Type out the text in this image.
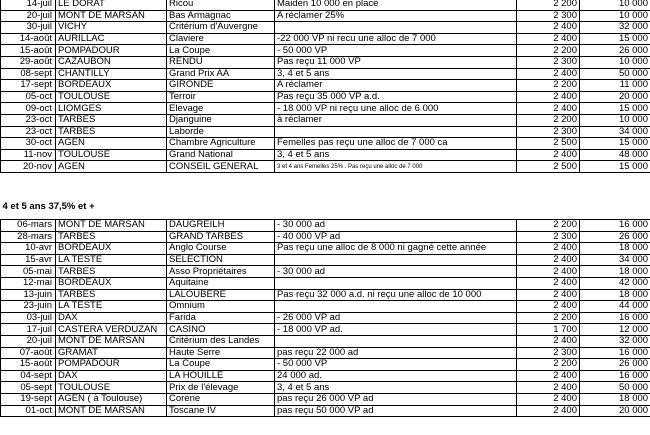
14-juil	LE DORAT	Ricou	Maiden 10 000 en place	2 200	10 000
20-juil	MONT DE MARSAN	Bas Armagnac	A réclamer 25%	2 300	10 000
30-juil	VICHY	Critérium d'Auvergne		2 400	32 000
14-août	AURILLAC	Claviere	-22 000 VP ni recu une alloc de 7 000	2 400	15 000
15-août	POMPADOUR	La Coupe	- 50 000 VP	2 200	26 000
29-août	CAZAUBON	RENDU	Pas reçu 11 000 VP	2 300	10 000
08-sept	CHANTILLY	Grand Prix AA	3, 4 et 5 ans	2 400	50 000
17-sept	BORDEAUX	GIRONDE	A réclamer	2 200	11 000
05-oct	TOULOUSE	Terroir	Pas reçu 35 000 VP a.d.	2 400	20 000
09-oct	LIOMGES	Elevage	- 18 000 VP ni reçu une alloc de 6 000	2 400	15 000
23-oct	TARBES	Djanguine	à réclamer	2 200	10 000
23-oct	TARBES	Laborde		2 300	34 000
30-oct	AGEN	Chambre Agriculture	Femelles pas reçu une alloc de 7 000 ca	2 500	15 000
11-nov	TOULOUSE	Grand National	3, 4 et 5 ans	2 400	48 000
20-nov	AGEN	CONSEIL GENERAL	3 et 4 ans Femelles 25% . Pas reçu une alloc de 7 000	2 500	15 000
4 et 5 ans 37,5% et +					

06-mars	MONT DE MARSAN	DAUGREILH	- 30 000 ad	2 200	16 000
28-mars	TARBES	GRAND TARBES	- 40 000 VP ad	2 300	26 000
10-avr	BORDEAUX	Anglo Course	Pas reçu une alloc de 8 000 ni gagné cette année	2 400	18 000
15-avr	LA TESTE	SELECTION		2 400	34 000
05-mai	TARBES	Asso Propriétaires	- 30 000 ad	2 400	18 000
12-mai	BORDEAUX	Aquitaine		2 400	42 000
13-juin	TARBES	LALOUBERE	Pas reçu 32 000 a.d. ni reçu une alloc de 10 000	2 400	18 000
23-juin	LA TESTE	Omnium		2 400	44 000
03-juil	DAX	Farida	- 26 000 VP ad	2 200	16 000
17-juil	CASTERA VERDUZAN	CASINO	- 18 000 VP ad.	1 700	12 000
20-juil	MONT DE MARSAN	Critérium des Landes		2 400	32 000
07-août	GRAMAT	Haute Serre	pas reçu 22 000 ad	2 300	16 000
15-août	POMPADOUR	La Coupe	- 50 000 VP	2 200	26 000
04-sept	DAX	LA HOUILLE	24 000 ad.	2 400	16 000
05-sept	TOULOUSE	Prix de l'élevage	3, 4 et 5 ans	2 400	50 000
19-sept	AGEN ( à Toulouse)	Corene	pas reçu 26 000 VP ad	2 400	18 000
01-oct	MONT DE MARSAN	Toscane IV	pas reçu 50 000 VP ad	2 400	20 000
